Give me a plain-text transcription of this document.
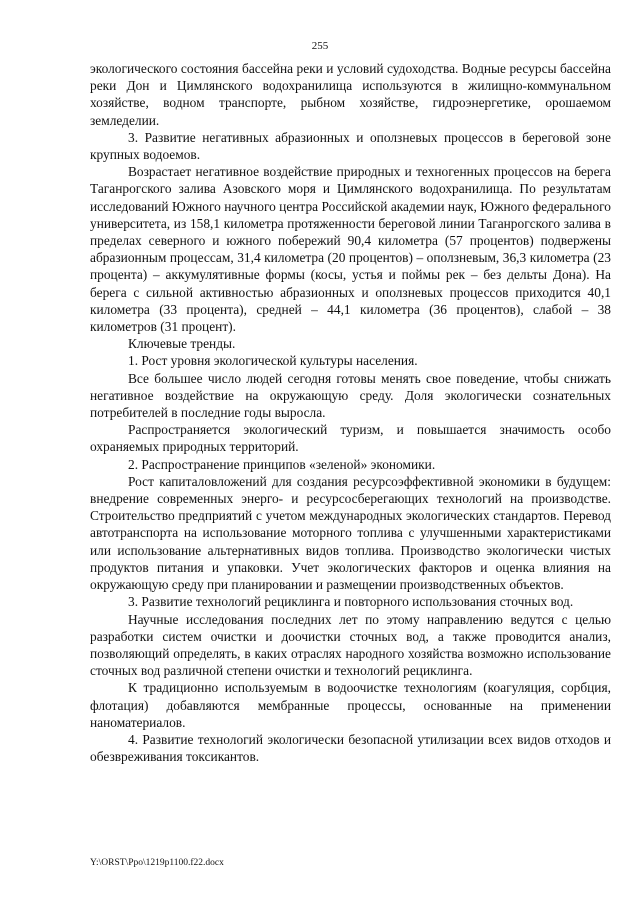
255

экологического состояния бассейна реки и условий судоходства. Водные ресурсы бассейна реки Дон и Цимлянского водохранилища используются в жилищно-коммунальном хозяйстве, водном транспорте, рыбном хозяйстве, гидроэнергетике, орошаемом земледелии.

3. Развитие негативных абразионных и оползневых процессов в береговой зоне крупных водоемов.

Возрастает негативное воздействие природных и техногенных процессов на берега Таганрогского залива Азовского моря и Цимлянского водохранилища. По результатам исследований Южного научного центра Российской академии наук, Южного федерального университета, из 158,1 километра протяженности береговой линии Таганрогского залива в пределах северного и южного побережий 90,4 километра (57 процентов) подвержены абразионным процессам, 31,4 километра (20 процентов) – оползневым, 36,3 километра (23 процента) – аккумулятивные формы (косы, устья и поймы рек – без дельты Дона). На берега с сильной активностью абразионных и оползневых процессов приходится 40,1 километра (33 процента), средней – 44,1 километра (36 процентов), слабой – 38 километров (31 процент).

Ключевые тренды.

1. Рост уровня экологической культуры населения.

Все большее число людей сегодня готовы менять свое поведение, чтобы снижать негативное воздействие на окружающую среду. Доля экологически сознательных потребителей в последние годы выросла.

Распространяется экологический туризм, и повышается значимость особо охраняемых природных территорий.

2. Распространение принципов «зеленой» экономики.

Рост капиталовложений для создания ресурсоэффективной экономики в будущем: внедрение современных энерго- и ресурсосберегающих технологий на производстве. Строительство предприятий с учетом международных экологических стандартов. Перевод автотранспорта на использование моторного топлива с улучшенными характеристиками или использование альтернативных видов топлива. Производство экологически чистых продуктов питания и упаковки. Учет экологических факторов и оценка влияния на окружающую среду при планировании и размещении производственных объектов.

3. Развитие технологий рециклинга и повторного использования сточных вод.

Научные исследования последних лет по этому направлению ведутся с целью разработки систем очистки и доочистки сточных вод, а также проводится анализ, позволяющий определять, в каких отраслях народного хозяйства возможно использование сточных вод различной степени очистки и технологий рециклинга.

К традиционно используемым в водоочистке технологиям (коагуляция, сорбция, флотация) добавляются мембранные процессы, основанные на применении наноматериалов.

4. Развитие технологий экологически безопасной утилизации всех видов отходов и обезвреживания токсикантов.

Y:\ORST\Ppo\1219p1100.f22.docx
